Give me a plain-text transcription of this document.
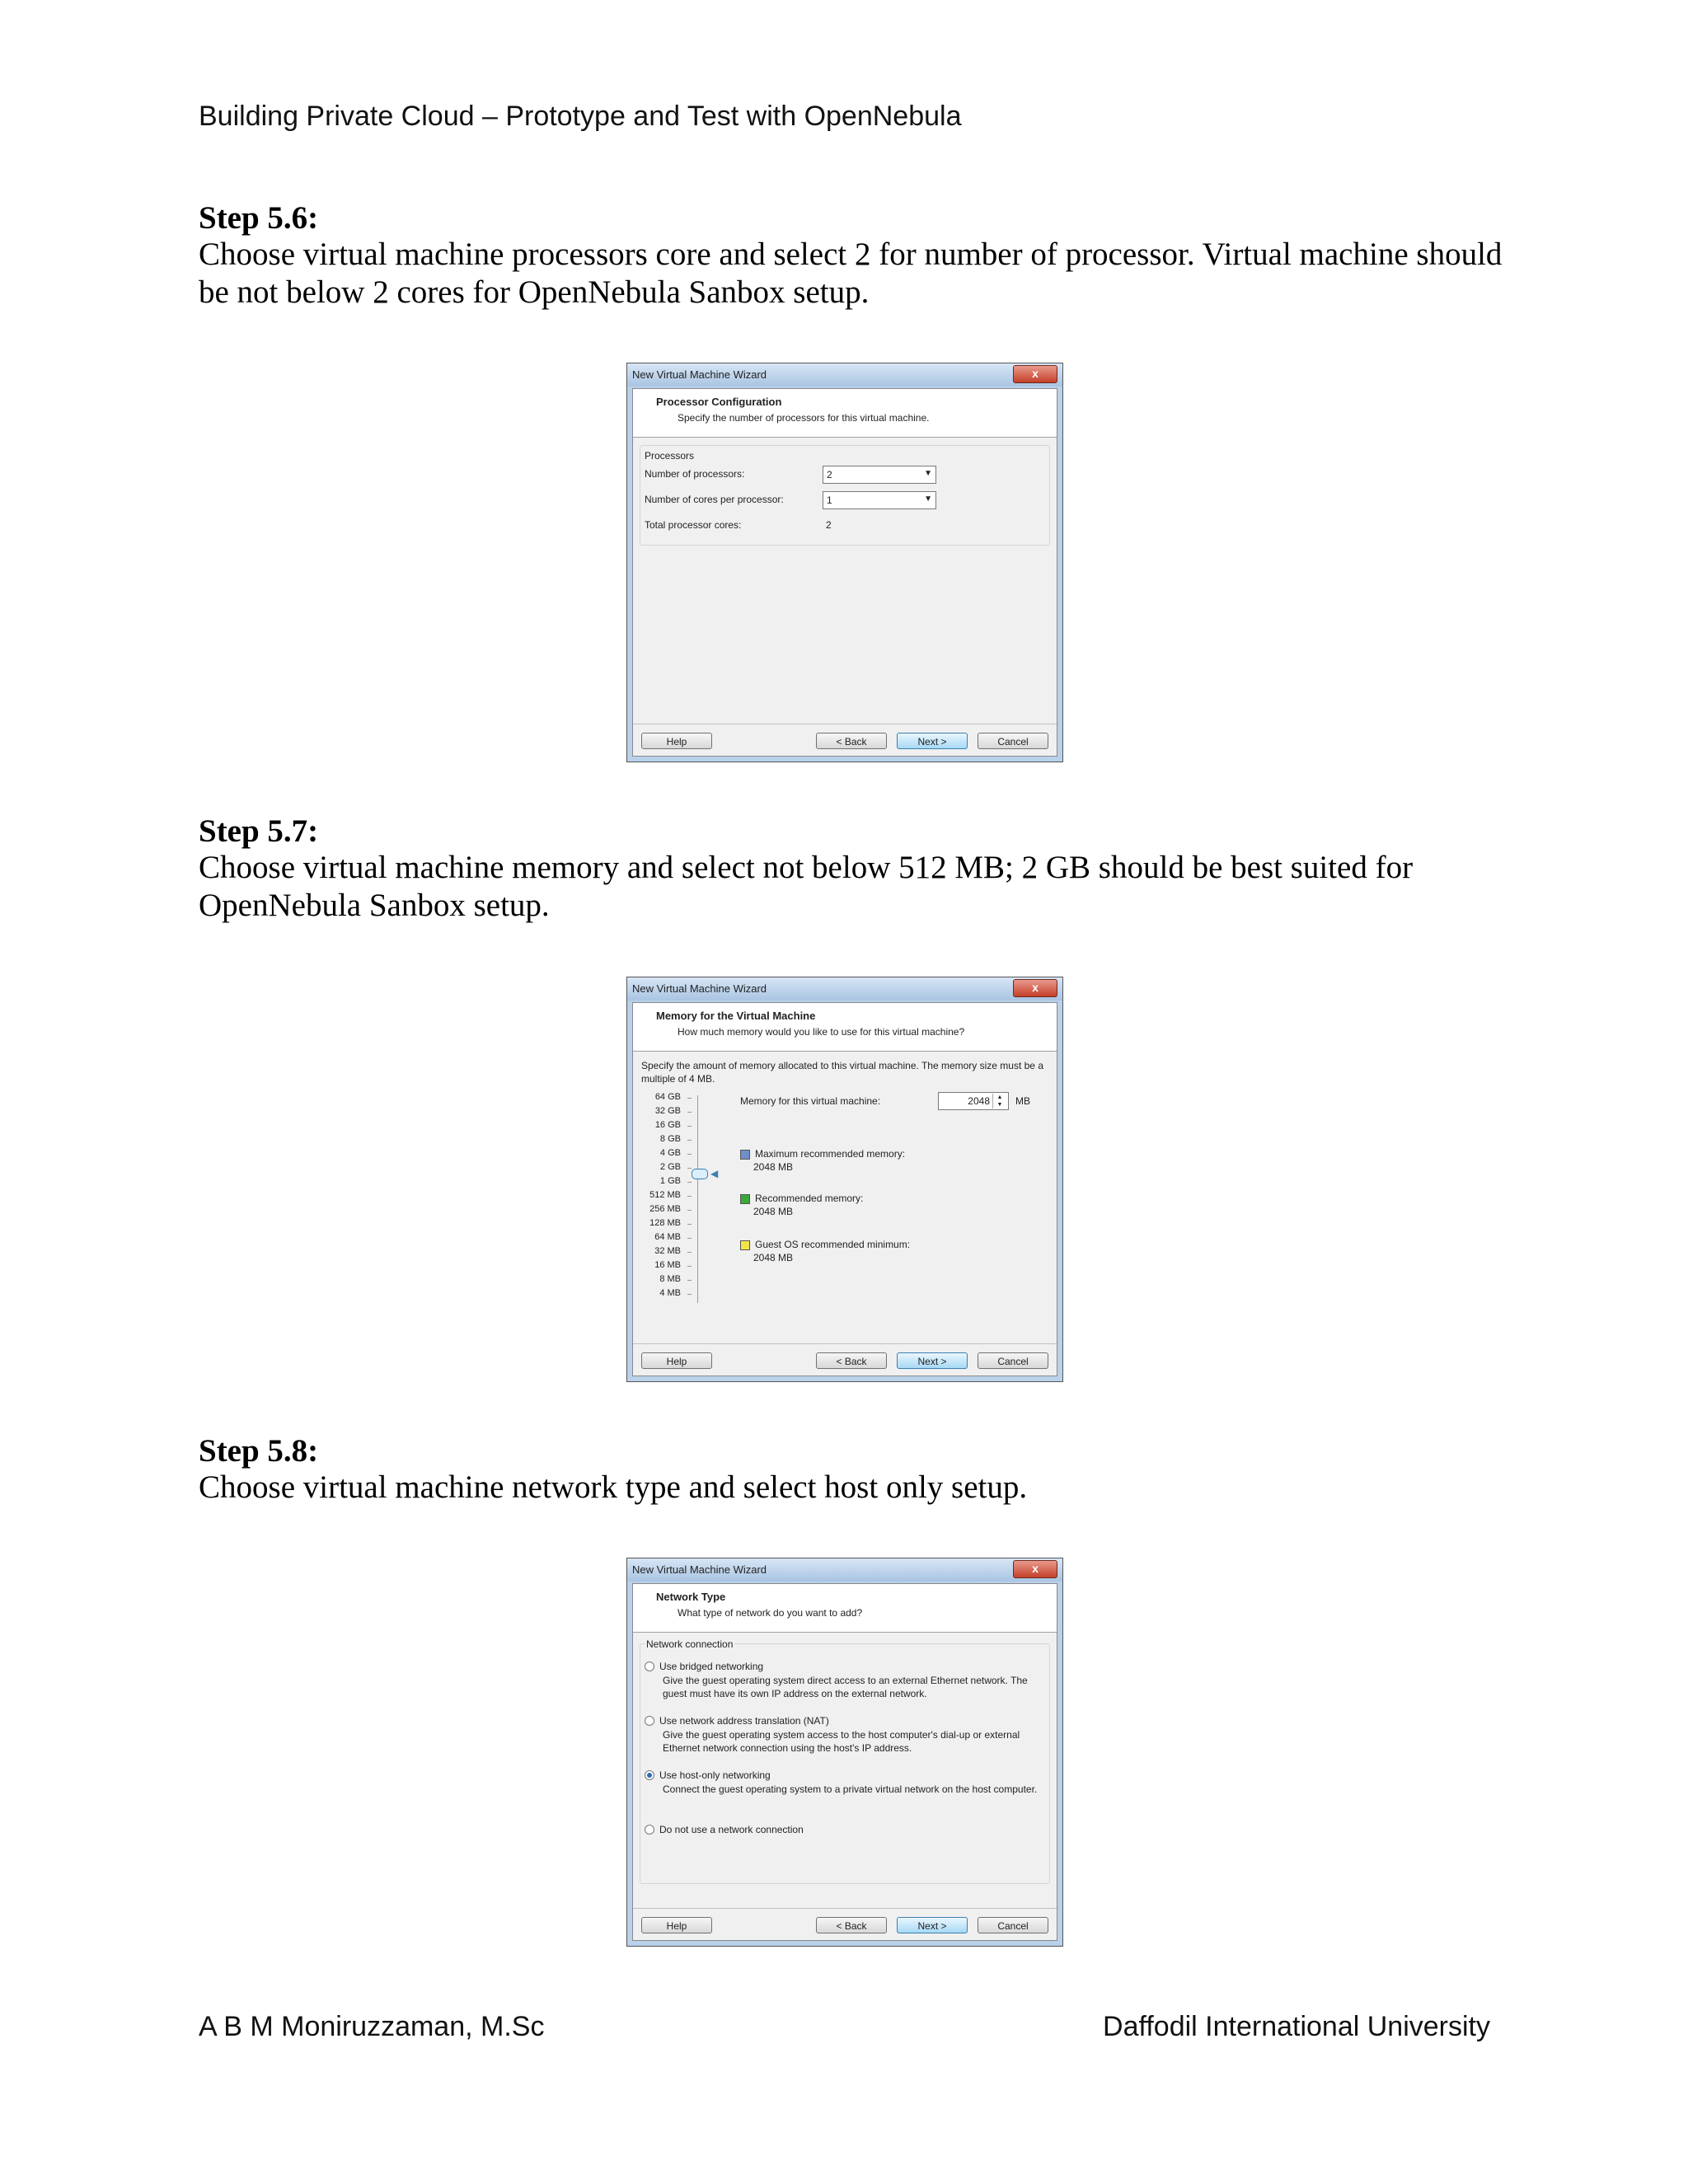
Building Private Cloud – Prototype and Test with OpenNebula
Step 5.6:
Choose virtual machine processors core and select 2 for number of processor. Virtual machine should be not below 2 cores for OpenNebula Sanbox setup.
New Virtual Machine Wizard	x
Processor Configuration
Specify the number of processors for this virtual machine.
Processors
Number of processors:	2	▼
Number of cores per processor:	1	▼
Total processor cores:	2
Help	< Back	Next >	Cancel
Step 5.7:
Choose virtual machine memory and select not below 512 MB; 2 GB should be best suited for OpenNebula Sanbox setup.
New Virtual Machine Wizard	x
Memory for the Virtual Machine
How much memory would you like to use for this virtual machine?
Specify the amount of memory allocated to this virtual machine. The memory size must be a multiple of 4 MB.
64 GB
32 GB
16 GB
8 GB
4 GB
2 GB
1 GB
512 MB
256 MB
128 MB
64 MB
32 MB
16 MB
8 MB
4 MB
◀
Memory for this virtual machine:	2048	▲
▼	MB
Maximum recommended memory:
2048 MB
Recommended memory:
2048 MB
Guest OS recommended minimum:
2048 MB
Help	< Back	Next >	Cancel
Step 5.8:
Choose virtual machine network type and select host only setup.
New Virtual Machine Wizard	x
Network Type
What type of network do you want to add?
Network connection
Use bridged networking
Give the guest operating system direct access to an external Ethernet network. The guest must have its own IP address on the external network.
Use network address translation (NAT)
Give the guest operating system access to the host computer's dial-up or external Ethernet network connection using the host's IP address.
Use host-only networking
Connect the guest operating system to a private virtual network on the host computer.
Do not use a network connection
Help	< Back	Next >	Cancel
A B M Moniruzzaman, M.Sc	Daffodil International University
